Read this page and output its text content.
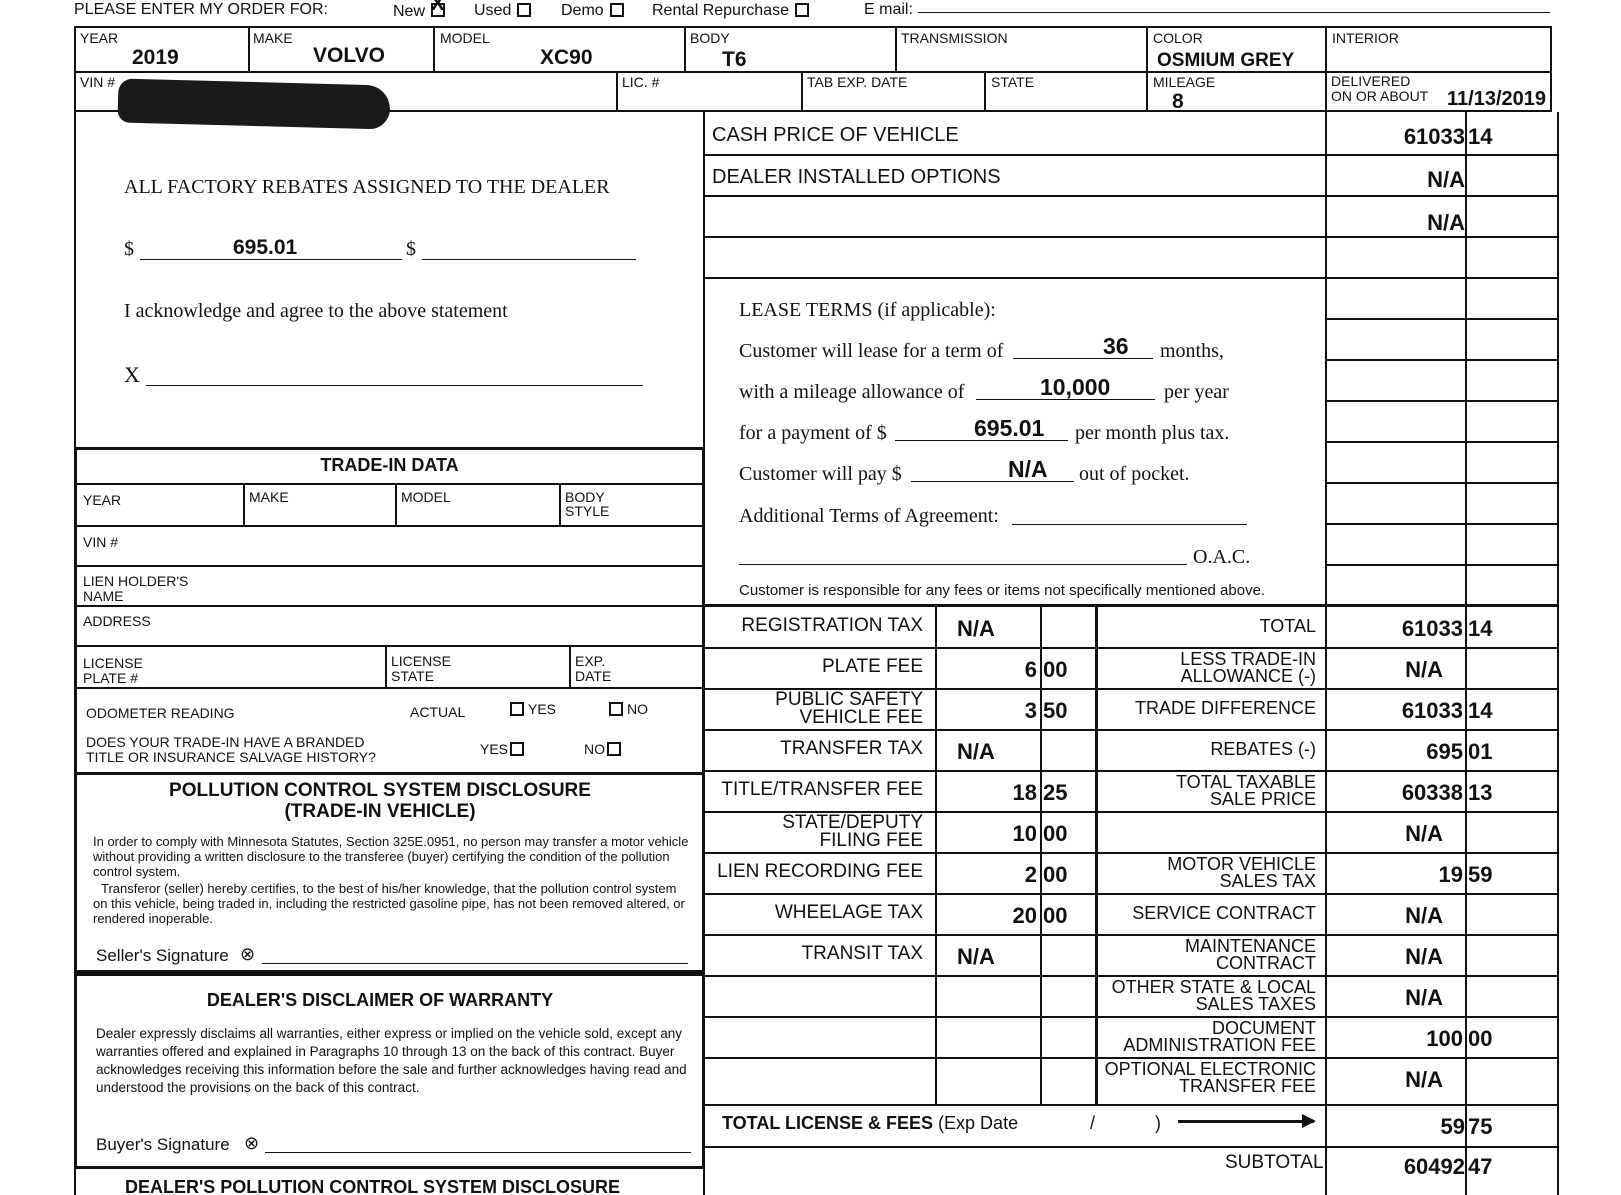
PLEASE ENTER MY ORDER FOR:	NewX	Used	Demo	Rental Repurchase	E mail:
YEAR
2019
MAKE
VOLVO
MODEL
XC90
BODY
T6
TRANSMISSION	COLOR
OSMIUM GREY
INTERIOR
VIN #	LIC. #	TAB EXP. DATE	STATE	MILEAGE
8
DELIVERED
ON OR ABOUT 11/13/2019
ALL FACTORY REBATES ASSIGNED TO THE DEALER
$	695.01	$
I acknowledge and agree to the above statement
X
TRADE-IN DATA
YEAR	MAKE	MODEL	BODY
STYLE
VIN #
LIEN HOLDER'S
NAME
ADDRESS
LICENSE
PLATE #
LICENSE
STATE
EXP.
DATE
ODOMETER READING	ACTUAL	YES	NO
DOES YOUR TRADE-IN HAVE A BRANDED
TITLE OR INSURANCE SALVAGE HISTORY?	YES	NO
POLLUTION CONTROL SYSTEM DISCLOSURE
(TRADE-IN VEHICLE)
In order to comply with Minnesota Statutes, Section 325E.0951, no person may transfer a motor vehicle without providing a written disclosure to the transferee (buyer) certifying the condition of the pollution control system.
Transferor (seller) hereby certifies, to the best of his/her knowledge, that the pollution control system on this vehicle, being traded in, including the restricted gasoline pipe, has not been removed altered, or rendered inoperable.
Seller's Signature ⊗
DEALER'S DISCLAIMER OF WARRANTY
Dealer expressly disclaims all warranties, either express or implied on the vehicle sold, except any warranties offered and explained in Paragraphs 10 through 13 on the back of this contract. Buyer acknowledges receiving this information before the sale and further acknowledges having read and understood the provisions on the back of this contract.
Buyer's Signature ⊗
DEALER'S POLLUTION CONTROL SYSTEM DISCLOSURE
CASH PRICE OF VEHICLE	61033 14
DEALER INSTALLED OPTIONS	N/A
N/A
LEASE TERMS (if applicable):
Customer will lease for a term of	36 months,
with a mileage allowance of	10,000	per year
for a payment of $	695.01 per month plus tax.
Customer will pay $	N/A out of pocket.
Additional Terms of Agreement:
O.A.C.
Customer is responsible for any fees or items not specifically mentioned above.
REGISTRATION TAX	N/A
PLATE FEE	6 00
PUBLIC SAFETY
VEHICLE FEE	3 50
TRANSFER TAX	N/A
TITLE/TRANSFER FEE	18 25
STATE/DEPUTY
FILING FEE	10 00
LIEN RECORDING FEE	2 00
WHEELAGE TAX	20 00
TRANSIT TAX	N/A
TOTAL	61033 14
LESS TRADE-IN
ALLOWANCE (-)	N/A
TRADE DIFFERENCE	61033 14
REBATES (-)	695 01
TOTAL TAXABLE
SALE PRICE	60338 13
N/A
MOTOR VEHICLE
SALES TAX	19 59
SERVICE CONTRACT	N/A
MAINTENANCE
CONTRACT	N/A
OTHER STATE & LOCAL
SALES TAXES	N/A
DOCUMENT
ADMINISTRATION FEE	100 00
OPTIONAL ELECTRONIC
TRANSFER FEE	N/A
TOTAL LICENSE & FEES (Exp Date	/	)	59 75
SUBTOTAL	60492 47
